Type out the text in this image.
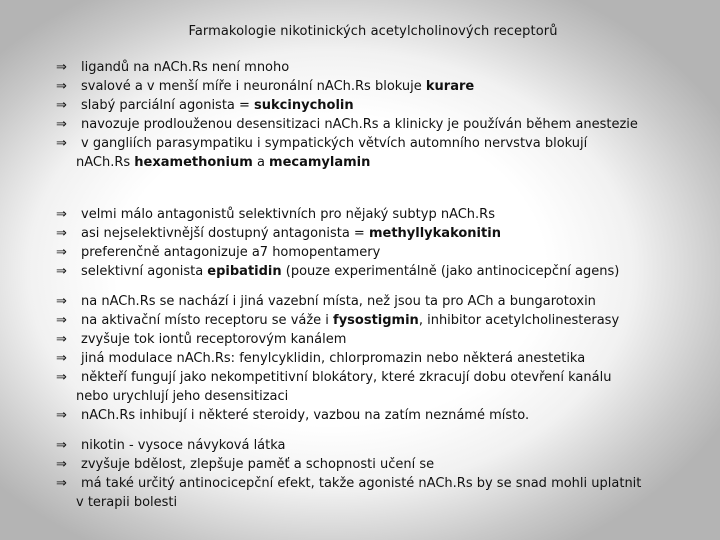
Farmakologie nikotinických acetylcholinových receptorů
⇒	ligandů na nACh.Rs není mnoho
⇒	svalové a v menší míře i neuronální nACh.Rs blokuje kurare
⇒	slabý parciální agonista = sukcinycholin
⇒	navozuje prodlouženou desensitizaci nACh.Rs a klinicky je používán během anestezie
⇒	v gangliích parasympatiku i sympatických větvích automního nervstva blokují
nACh.Rs hexamethonium a mecamylamin
⇒	velmi málo antagonistů selektivních pro nějaký subtyp nACh.Rs
⇒	asi nejselektivnější dostupný antagonista = methyllykakonitin
⇒	preferenčně antagonizuje a7 homopentamery
⇒	selektivní agonista epibatidin (pouze experimentálně (jako antinocicepční agens)
⇒	na nACh.Rs se nachází i jiná vazební místa, než jsou ta pro ACh a bungarotoxin
⇒	na aktivační místo receptoru se váže i fysostigmin, inhibitor acetylcholinesterasy
⇒	zvyšuje tok iontů receptorovým kanálem
⇒	jiná modulace nACh.Rs: fenylcyklidin, chlorpromazin nebo některá anestetika
⇒	někteří fungují jako nekompetitivní blokátory, které zkracují dobu otevření kanálu
nebo urychlují jeho desensitizaci
⇒	nACh.Rs inhibují i některé steroidy, vazbou na zatím neznámé místo.
⇒	nikotin - vysoce návyková látka
⇒	zvyšuje bdělost, zlepšuje paměť a schopnosti učení se
⇒	má také určitý antinocicepční efekt, takže agonisté nACh.Rs by se snad mohli uplatnit
v terapii bolesti
